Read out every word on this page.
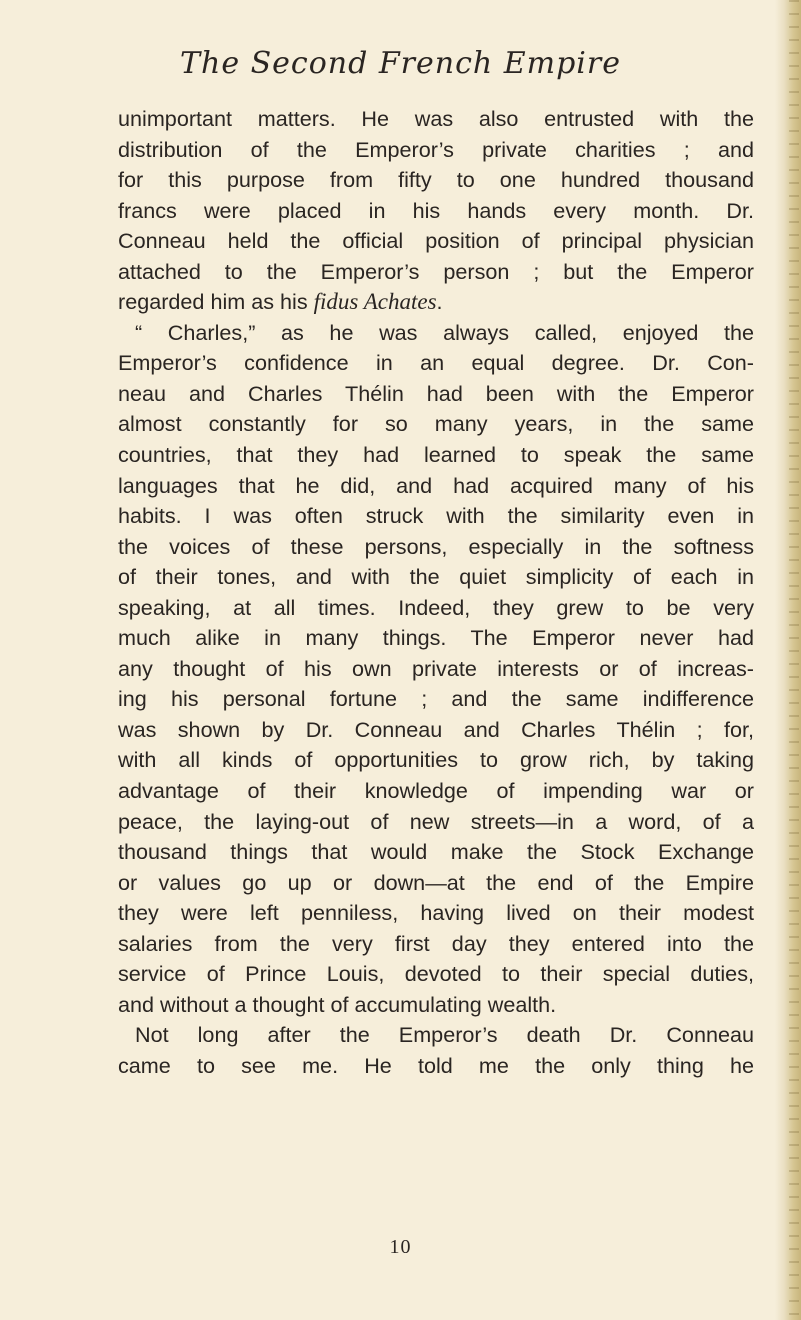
The Second French Empire
unimportant matters. He was also entrusted with the
distribution of the Emperor’s private charities ; and
for this purpose from fifty to one hundred thousand
francs were placed in his hands every month. Dr.
Conneau held the official position of principal physician
attached to the Emperor’s person ; but the Emperor
regarded him as his fidus Achates.
“ Charles,” as he was always called, enjoyed the
Emperor’s confidence in an equal degree. Dr. Con-
neau and Charles Thélin had been with the Emperor
almost constantly for so many years, in the same
countries, that they had learned to speak the same
languages that he did, and had acquired many of his
habits. I was often struck with the similarity even in
the voices of these persons, especially in the softness
of their tones, and with the quiet simplicity of each in
speaking, at all times. Indeed, they grew to be very
much alike in many things. The Emperor never had
any thought of his own private interests or of increas-
ing his personal fortune ; and the same indifference
was shown by Dr. Conneau and Charles Thélin ; for,
with all kinds of opportunities to grow rich, by taking
advantage of their knowledge of impending war or
peace, the laying-out of new streets—in a word, of a
thousand things that would make the Stock Exchange
or values go up or down—at the end of the Empire
they were left penniless, having lived on their modest
salaries from the very first day they entered into the
service of Prince Louis, devoted to their special duties,
and without a thought of accumulating wealth.
Not long after the Emperor’s death Dr. Conneau
came to see me. He told me the only thing he
10
